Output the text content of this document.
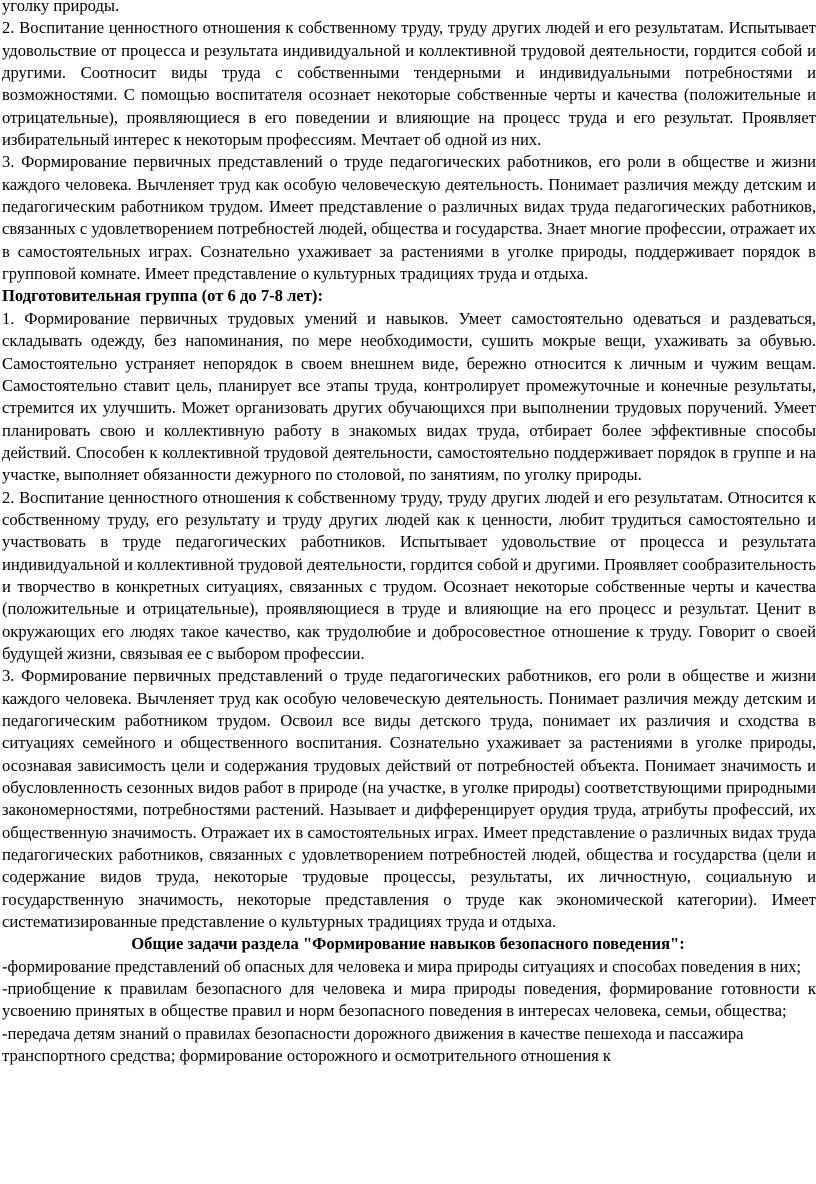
уголку природы.

2. Воспитание ценностного отношения к собственному труду, труду других людей и его результатам. Испытывает удовольствие от процесса и результата индивидуальной и коллективной трудовой деятельности, гордится собой и другими. Соотносит виды труда с собственными тендерными и индивидуальными потребностями и возможностями. С помощью воспитателя осознает некоторые собственные черты и качества (положительные и отрицательные), проявляющиеся в его поведении и влияющие на процесс труда и его результат. Проявляет избирательный интерес к некоторым профессиям. Мечтает об одной из них.

3. Формирование первичных представлений о труде педагогических работников, его роли в обществе и жизни каждого человека. Вычленяет труд как особую человеческую деятельность. Понимает различия между детским и педагогическим работником трудом. Имеет представление о различных видах труда педагогических работников, связанных с удовлетворением потребностей людей, общества и государства. Знает многие профессии, отражает их в самостоятельных играх. Сознательно ухаживает за растениями в уголке природы, поддерживает порядок в групповой комнате. Имеет представление о культурных традициях труда и отдыха.

Подготовительная группа (от 6 до 7-8 лет):

1. Формирование первичных трудовых умений и навыков. Умеет самостоятельно одеваться и раздеваться, складывать одежду, без напоминания, по мере необходимости, сушить мокрые вещи, ухаживать за обувью. Самостоятельно устраняет непорядок в своем внешнем виде, бережно относится к личным и чужим вещам. Самостоятельно ставит цель, планирует все этапы труда, контролирует промежуточные и конечные результаты, стремится их улучшить. Может организовать других обучающихся при выполнении трудовых поручений. Умеет планировать свою и коллективную работу в знакомых видах труда, отбирает более эффективные способы действий. Способен к коллективной трудовой деятельности, самостоятельно поддерживает порядок в группе и на участке, выполняет обязанности дежурного по столовой, по занятиям, по уголку природы.

2. Воспитание ценностного отношения к собственному труду, труду других людей и его результатам. Относится к собственному труду, его результату и труду других людей как к ценности, любит трудиться самостоятельно и участвовать в труде педагогических работников. Испытывает удовольствие от процесса и результата индивидуальной и коллективной трудовой деятельности, гордится собой и другими. Проявляет сообразительность и творчество в конкретных ситуациях, связанных с трудом. Осознает некоторые собственные черты и качества (положительные и отрицательные), проявляющиеся в труде и влияющие на его процесс и результат. Ценит в окружающих его людях такое качество, как трудолюбие и добросовестное отношение к труду. Говорит о своей будущей жизни, связывая ее с выбором профессии.

3. Формирование первичных представлений о труде педагогических работников, его роли в обществе и жизни каждого человека. Вычленяет труд как особую человеческую деятельность. Понимает различия между детским и педагогическим работником трудом. Освоил все виды детского труда, понимает их различия и сходства в ситуациях семейного и общественного воспитания. Сознательно ухаживает за растениями в уголке природы, осознавая зависимость цели и содержания трудовых действий от потребностей объекта. Понимает значимость и обусловленность сезонных видов работ в природе (на участке, в уголке природы) соответствующими природными закономерностями, потребностями растений. Называет и дифференцирует орудия труда, атрибуты профессий, их общественную значимость. Отражает их в самостоятельных играх. Имеет представление о различных видах труда педагогических работников, связанных с удовлетворением потребностей людей, общества и государства (цели и содержание видов труда, некоторые трудовые процессы, результаты, их личностную, социальную и государственную значимость, некоторые представления о труде как экономической категории). Имеет систематизированные представление о культурных традициях труда и отдыха.

Общие задачи раздела "Формирование навыков безопасного поведения":

-формирование представлений об опасных для человека и мира природы ситуациях и способах поведения в них;

-приобщение к правилам безопасного для человека и мира природы поведения, формирование готовности к усвоению принятых в обществе правил и норм безопасного поведения в интересах человека, семьи, общества;

-передача детям знаний о правилах безопасности дорожного движения в качестве пешехода и пассажира транспортного средства; формирование осторожного и осмотрительного отношения к
